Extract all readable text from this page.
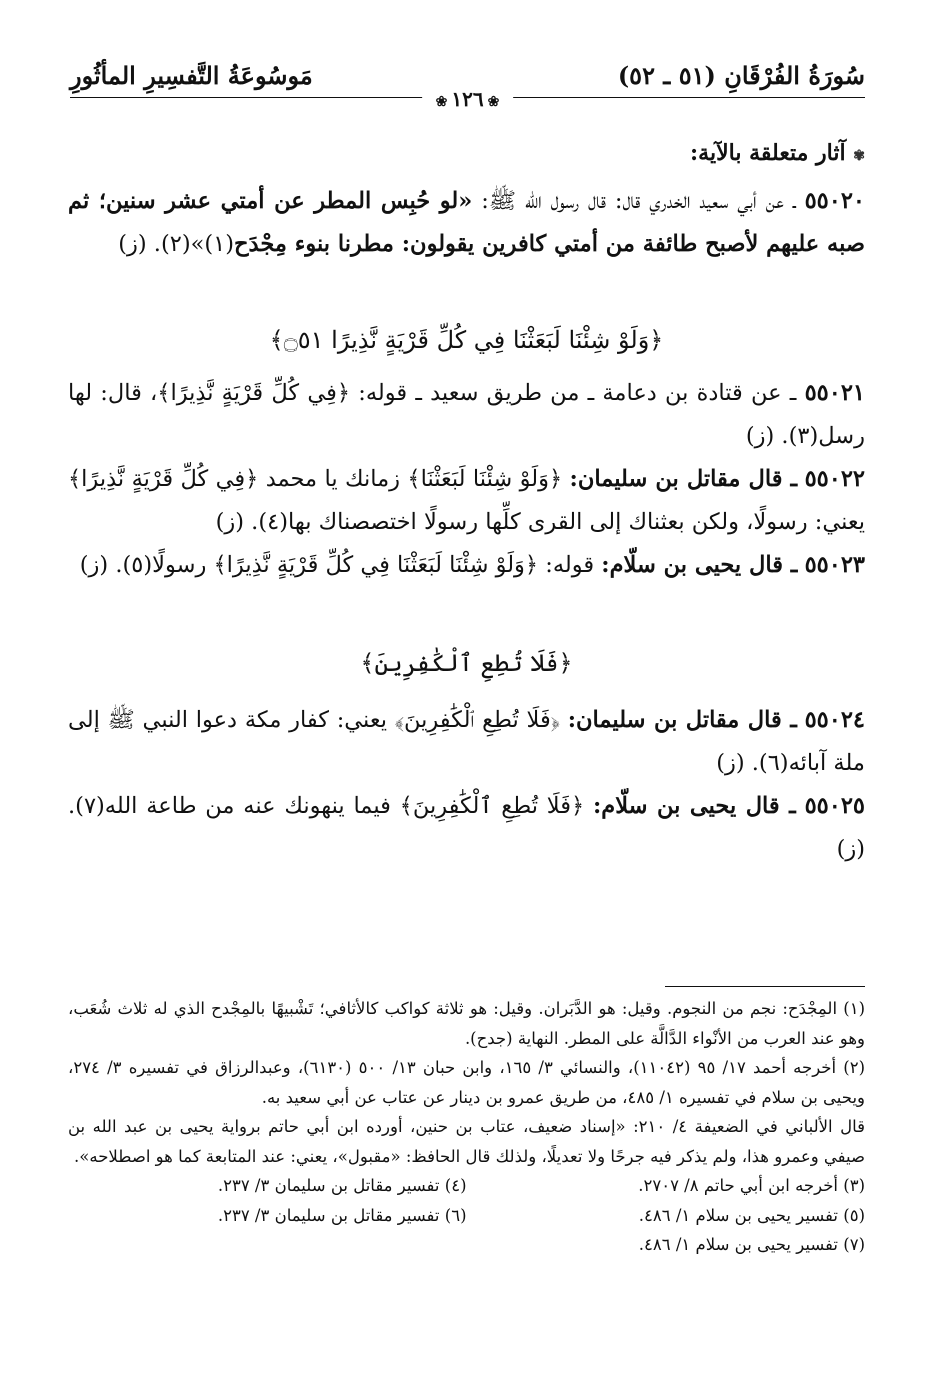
سُورَةُ الفُرْقَانِ (٥١ ـ ٥٢)
مَوسُوعَةُ التَّفسِيرِ المأثُورِ
❀١٢٦❀
✾ آثار متعلقة بالآية:

٥٥٠٢٠ ـ عن أبي سعيد الخدري قال: قال رسول الله ﷺ: «لو حُبِس المطر عن أمتي عشر سنين؛ ثم صبه عليهم لأصبح طائفة من أمتي كافرين يقولون: مطرنا بنوء مِجْدَح(١)»(٢). (ز)

﴿وَلَوْ شِئْنَا لَبَعَثْنَا فِي كُلِّ قَرْيَةٍ نَّذِيرًا ۝٥١﴾

٥٥٠٢١ ـ عن قتادة بن دعامة ـ من طريق سعيد ـ قوله: ﴿فِي كُلِّ قَرْيَةٍ نَّذِيرًا﴾، قال: لها رسل(٣). (ز)

٥٥٠٢٢ ـ قال مقاتل بن سليمان: ﴿وَلَوْ شِئْنَا لَبَعَثْنَا﴾ زمانك يا محمد ﴿فِي كُلِّ قَرْيَةٍ نَّذِيرًا﴾ يعني: رسولًا، ولكن بعثناك إلى القرى كلِّها رسولًا اختصصناك بها(٤). (ز)

٥٥٠٢٣ ـ قال يحيى بن سلّام: قوله: ﴿وَلَوْ شِئْنَا لَبَعَثْنَا فِي كُلِّ قَرْيَةٍ نَّذِيرًا﴾ رسولًا(٥). (ز)

﴿فَلَا تُطِعِ ٱلْكَٰفِرِينَ﴾

٥٥٠٢٤ ـ قال مقاتل بن سليمان: ﴿فَلَا تُطِعِ ٱلْكَٰفِرِينَ﴾ يعني: كفار مكة دعوا النبي ﷺ إلى ملة آبائه(٦). (ز)

٥٥٠٢٥ ـ قال يحيى بن سلّام: ﴿فَلَا تُطِعِ ٱلْكَٰفِرِينَ﴾ فيما ينهونك عنه من طاعة الله(٧). (ز)

(١) المِجْدَح: نجم من النجوم. وقيل: هو الدَّبَران. وقيل: هو ثلاثة كواكب كالأثافي؛ تَشْبيهًا بالمِجْدح الذي له ثلاث شُعَب، وهو عند العرب من الأنْواء الدَّالَّة على المطر. النهاية (جدح).

(٢) أخرجه أحمد ١٧/ ٩٥ (١١٠٤٢)، والنسائي ٣/ ١٦٥، وابن حبان ١٣/ ٥٠٠ (٦١٣٠)، وعبدالرزاق في تفسيره ٣/ ٢٧٤، ويحيى بن سلام في تفسيره ١/ ٤٨٥، من طريق عمرو بن دينار عن عتاب عن أبي سعيد به.

قال الألباني في الضعيفة ٤/ ٢١٠: «إسناد ضعيف، عتاب بن حنين، أورده ابن أبي حاتم برواية يحيى بن عبد الله بن صيفي وعمرو هذا، ولم يذكر فيه جرحًا ولا تعديلًا، ولذلك قال الحافظ: «مقبول»، يعني: عند المتابعة كما هو اصطلاحه».

(٣) أخرجه ابن أبي حاتم ٨/ ٢٧٠٧.

(٤) تفسير مقاتل بن سليمان ٣/ ٢٣٧.

(٥) تفسير يحيى بن سلام ١/ ٤٨٦.

(٦) تفسير مقاتل بن سليمان ٣/ ٢٣٧.

(٧) تفسير يحيى بن سلام ١/ ٤٨٦.
